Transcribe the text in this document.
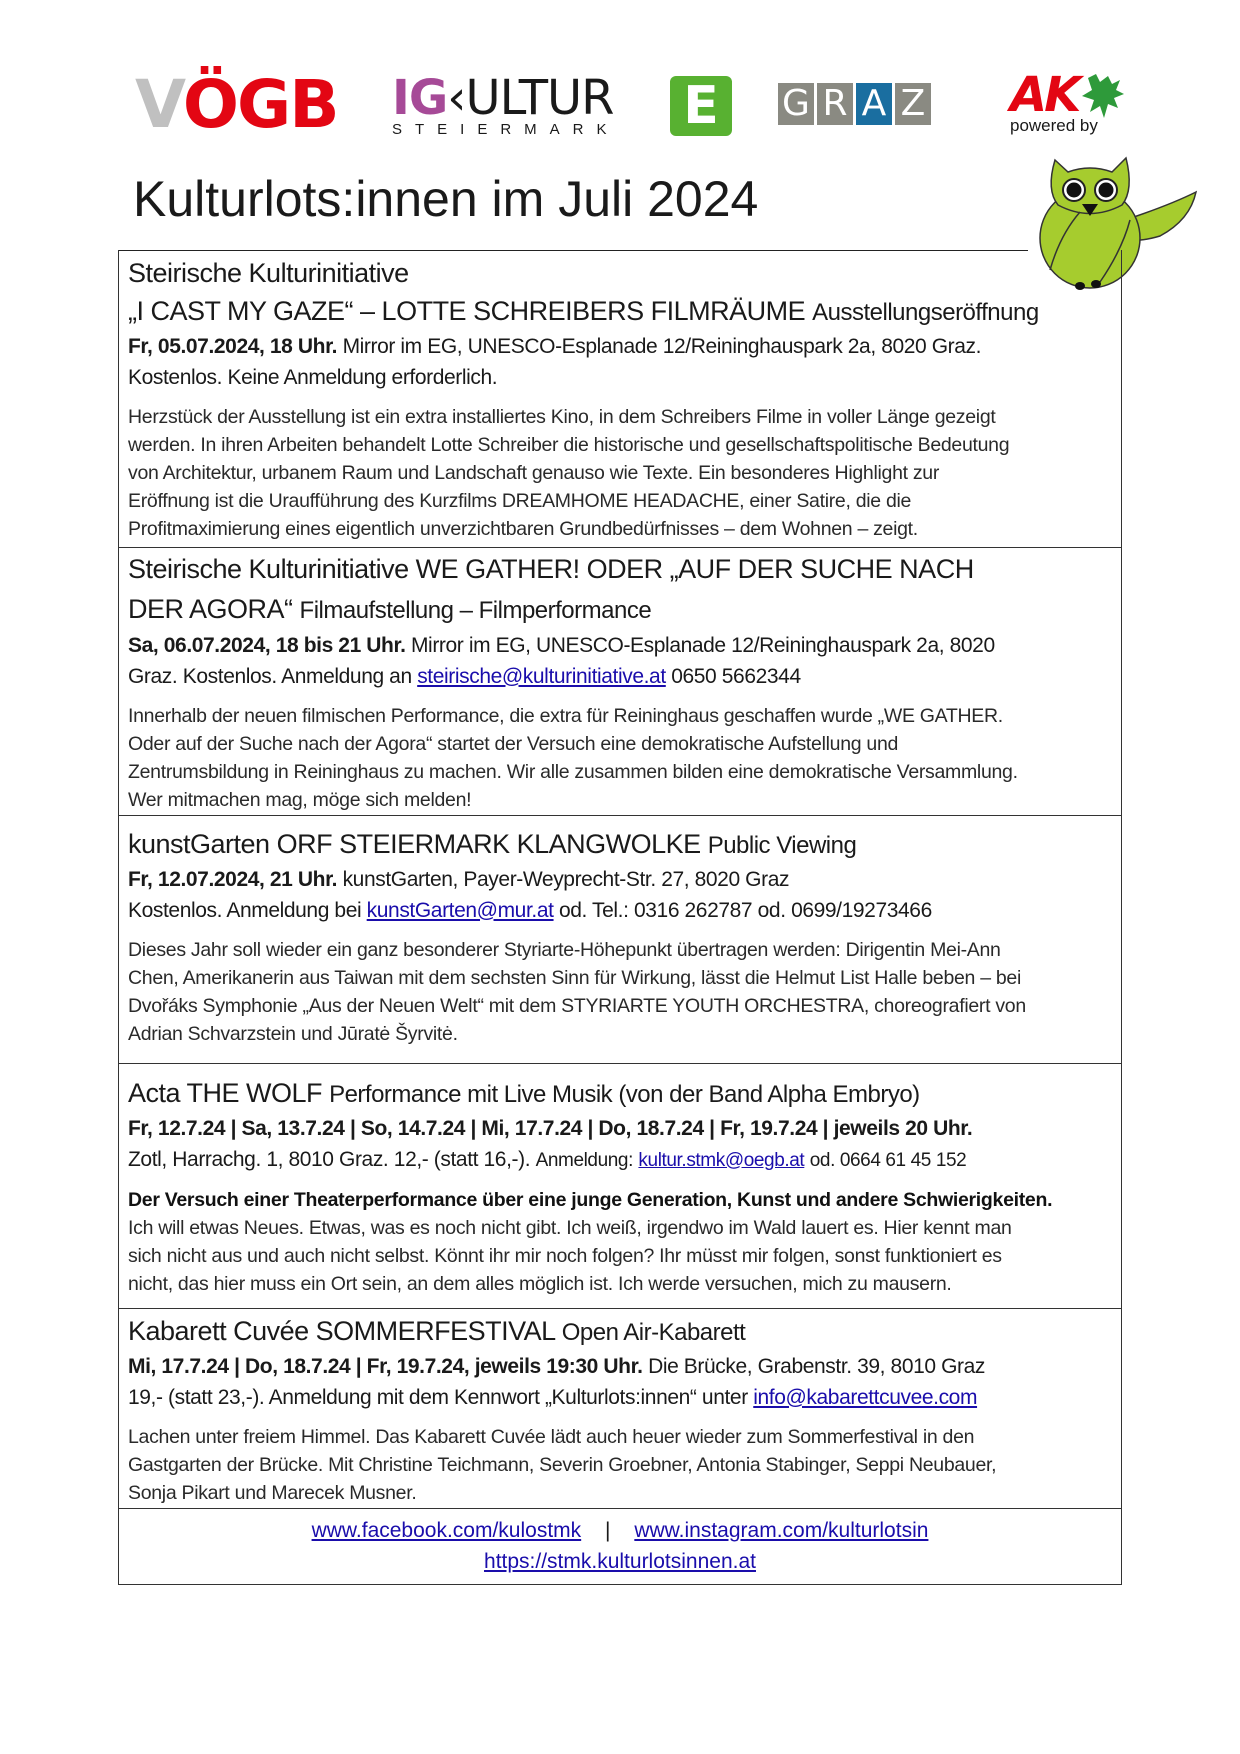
VÖGB IG‹ULTUR
STEIERMARK E	G R A Z AK
powered by
Kulturlots:innen im Juli 2024
Steirische Kulturinitiative
„I CAST MY GAZE“ – LOTTE SCHREIBERS FILMRÄUME Ausstellungseröffnung
Fr, 05.07.2024, 18 Uhr. Mirror im EG, UNESCO-Esplanade 12/Reininghauspark 2a, 8020 Graz.
Kostenlos. Keine Anmeldung erforderlich.
Herzstück der Ausstellung ist ein extra installiertes Kino, in dem Schreibers Filme in voller Länge gezeigt
werden. In ihren Arbeiten behandelt Lotte Schreiber die historische und gesellschaftspolitische Bedeutung
von Architektur, urbanem Raum und Landschaft genauso wie Texte. Ein besonderes Highlight zur
Eröffnung ist die Uraufführung des Kurzfilms DREAMHOME HEADACHE, einer Satire, die die
Profitmaximierung eines eigentlich unverzichtbaren Grundbedürfnisses – dem Wohnen – zeigt.
Steirische Kulturinitiative WE GATHER! ODER „AUF DER SUCHE NACH
DER AGORA“ Filmaufstellung – Filmperformance
Sa, 06.07.2024, 18 bis 21 Uhr. Mirror im EG, UNESCO-Esplanade 12/Reininghauspark 2a, 8020
Graz. Kostenlos. Anmeldung an steirische@kulturinitiative.at 0650 5662344
Innerhalb der neuen filmischen Performance, die extra für Reininghaus geschaffen wurde „WE GATHER.
Oder auf der Suche nach der Agora“ startet der Versuch eine demokratische Aufstellung und
Zentrumsbildung in Reininghaus zu machen. Wir alle zusammen bilden eine demokratische Versammlung.
Wer mitmachen mag, möge sich melden!
kunstGarten ORF STEIERMARK KLANGWOLKE Public Viewing
Fr, 12.07.2024, 21 Uhr. kunstGarten, Payer-Weyprecht-Str. 27, 8020 Graz
Kostenlos. Anmeldung bei kunstGarten@mur.at od. Tel.: 0316 262787 od. 0699/19273466
Dieses Jahr soll wieder ein ganz besonderer Styriarte-Höhepunkt übertragen werden: Dirigentin Mei-Ann
Chen, Amerikanerin aus Taiwan mit dem sechsten Sinn für Wirkung, lässt die Helmut List Halle beben – bei
Dvořáks Symphonie „Aus der Neuen Welt“ mit dem STYRIARTE YOUTH ORCHESTRA, choreografiert von
Adrian Schvarzstein und Jūratė Šyrvitė.
Acta THE WOLF Performance mit Live Musik (von der Band Alpha Embryo)
Fr, 12.7.24 | Sa, 13.7.24 | So, 14.7.24 | Mi, 17.7.24 | Do, 18.7.24 | Fr, 19.7.24 | jeweils 20 Uhr.
Zotl, Harrachg. 1, 8010 Graz. 12,- (statt 16,-). Anmeldung: kultur.stmk@oegb.at od. 0664 61 45 152
Der Versuch einer Theaterperformance über eine junge Generation, Kunst und andere Schwierigkeiten.
Ich will etwas Neues. Etwas, was es noch nicht gibt. Ich weiß, irgendwo im Wald lauert es. Hier kennt man
sich nicht aus und auch nicht selbst. Könnt ihr mir noch folgen? Ihr müsst mir folgen, sonst funktioniert es
nicht, das hier muss ein Ort sein, an dem alles möglich ist. Ich werde versuchen, mich zu mausern.
Kabarett Cuvée SOMMERFESTIVAL Open Air-Kabarett
Mi, 17.7.24 | Do, 18.7.24 | Fr, 19.7.24, jeweils 19:30 Uhr. Die Brücke, Grabenstr. 39, 8010 Graz
19,- (statt 23,-). Anmeldung mit dem Kennwort „Kulturlots:innen“ unter info@kabarettcuvee.com
Lachen unter freiem Himmel. Das Kabarett Cuvée lädt auch heuer wieder zum Sommerfestival in den
Gastgarten der Brücke. Mit Christine Teichmann, Severin Groebner, Antonia Stabinger, Seppi Neubauer,
Sonja Pikart und Marecek Musner.
www.facebook.com/kulostmk | www.instagram.com/kulturlotsin
https://stmk.kulturlotsinnen.at
